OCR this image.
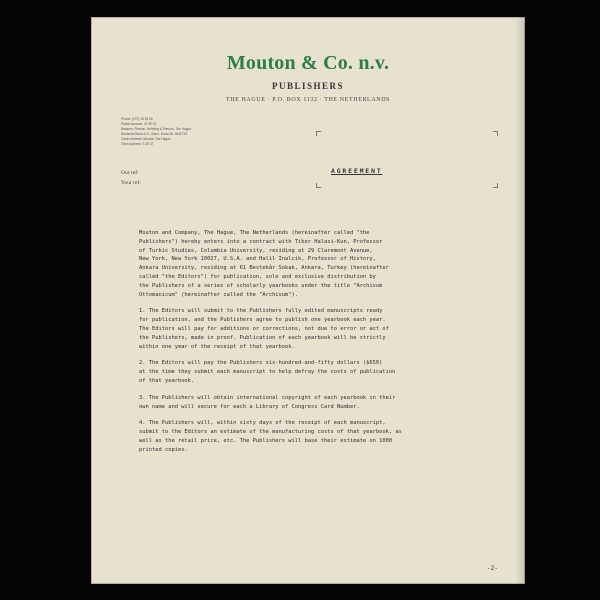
Mouton & Co. n.v.
PUBLISHERS
THE HAGUE · P.O. BOX 1132 · THE NETHERLANDS
Phone: (070) 18 53 60
Postal Account: 47 59 91
Bankers: Pierson, Heldring & Pierson, The Hague
Deutsche Bank A.G., Bonn, Konto Nr. 8642720
Cable Address: Mouton The Hague
Telex Address: 3 35 37
Our ref:
Your ref:
AGREEMENT

Mouton and Company, The Hague, The Netherlands (hereinafter called "the
Publishers") hereby enters into a contract with Tibor Halasi-Kun, Professor
of Turkic Studies, Columbia University, residing at 29 Claremont Avenue,
New York, New York 10027, U.S.A. and Halil Inalcik, Professor of History,
Ankara University, residing at 61 Bestekâr Sokak, Ankara, Turkey (hereinafter
called "the Editors") for publication, sole and exclusive distribution by
the Publishers of a series of scholarly yearbooks under the title "Archivum
Ottomanicum" (hereinafter called the "Archivum").

1. The Editors will submit to the Publishers fully edited manuscripts ready
for publication, and the Publishers agree to publish one yearbook each year.
The Editors will pay for additions or corrections, not due to error or act of
the Publishers, made in proof. Publication of each yearbook will be strictly
within one year of the receipt of that yearbook.

2. The Editors will pay the Publishers six-hundred-and-fifty dollars ($650)
at the time they submit each manuscript to help defray the costs of publication
of that yearbook.

3. The Publishers will obtain international copyright of each yearbook in their
own name and will secure for each a Library of Congress Card Number.

4. The Publishers will, within sixty days of the receipt of each manuscript,
submit to the Editors an estimate of the manufacturing costs of that yearbook, as
well as the retail price, etc. The Publishers will base their estimate on 1000
printed copies.

-2-
